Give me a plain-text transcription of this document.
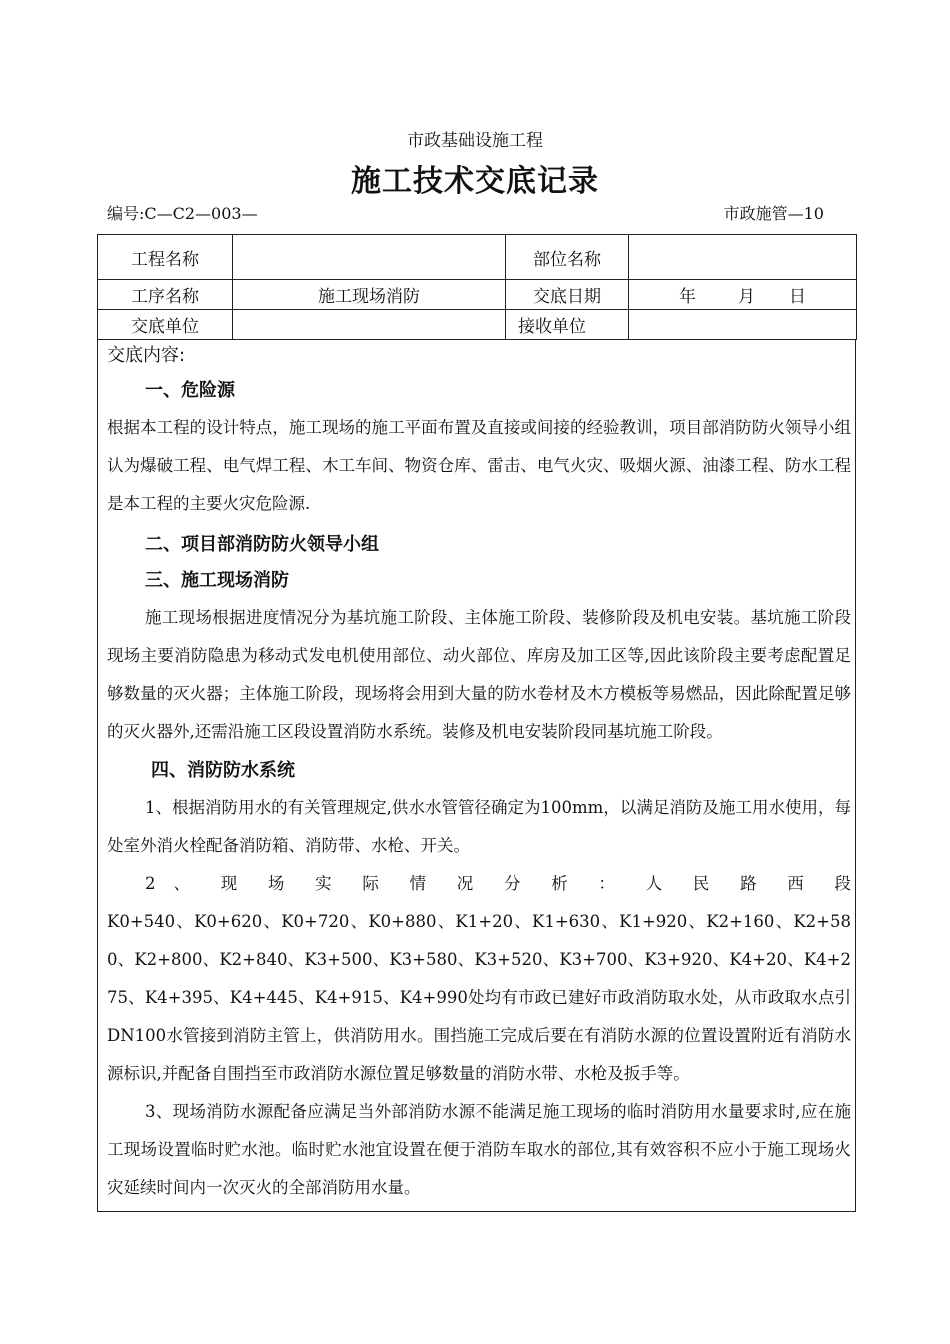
市政基础设施工程
施工技术交底记录
编号:C—C2—003—	市政施管—10
工程名称		部位名称	
工序名称	施工现场消防	交底日期	年 月 日
交底单位		接收单位	

交底内容:

一、危险源

根据本工程的设计特点，施工现场的施工平面布置及直接或间接的经验教训，项目部消防防火领导小组认为爆破工程、电气焊工程、木工车间、物资仓库、雷击、电气火灾、吸烟火源、油漆工程、防水工程是本工程的主要火灾危险源.

二、项目部消防防火领导小组

三、施工现场消防

施工现场根据进度情况分为基坑施工阶段、主体施工阶段、装修阶段及机电安装。基坑施工阶段现场主要消防隐患为移动式发电机使用部位、动火部位、库房及加工区等,因此该阶段主要考虑配置足够数量的灭火器；主体施工阶段，现场将会用到大量的防水卷材及木方模板等易燃品，因此除配置足够的灭火器外,还需沿施工区段设置消防水系统。装修及机电安装阶段同基坑施工阶段。

四、消防防水系统

1、根据消防用水的有关管理规定,供水水管管径确定为100mm，以满足消防及施工用水使用，每处室外消火栓配备消防箱、消防带、水枪、开关。

2 、 现 场 实 际 情 况 分 析 ： 人 民 路 西 段

K0+540、K0+620、K0+720、K0+880、K1+20、K1+630、K1+920、K2+160、K2+580、K2+800、K2+840、K3+500、K3+580、K3+520、K3+700、K3+920、K4+20、K4+275、K4+395、K4+445、K4+915、K4+990处均有市政已建好市政消防取水处，从市政取水点引DN100水管接到消防主管上，供消防用水。围挡施工完成后要在有消防水源的位置设置附近有消防水源标识,并配备自围挡至市政消防水源位置足够数量的消防水带、水枪及扳手等。

3、现场消防水源配备应满足当外部消防水源不能满足施工现场的临时消防用水量要求时,应在施工现场设置临时贮水池。临时贮水池宜设置在便于消防车取水的部位,其有效容积不应小于施工现场火灾延续时间内一次灭火的全部消防用水量。
